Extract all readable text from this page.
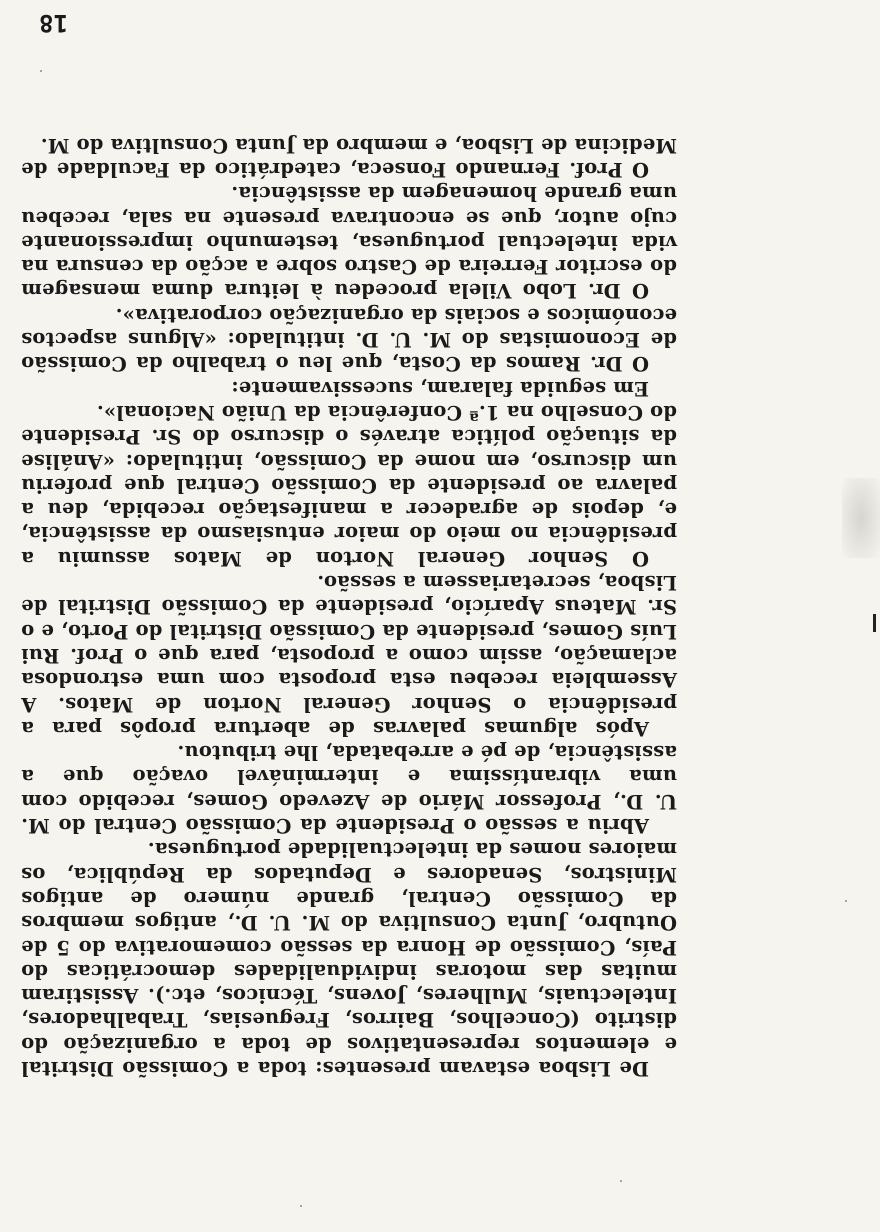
18

De Lisboa estavam presentes: toda a Comissão Distrital e elementos representativos de toda a organização do distrito (Concelhos, Bairros, Freguesias, Trabalhadores, Intelectuais, Mulheres, Jovens, Técnicos, etc.). Assistiram muitas das motoras individualidades democráticas do País, Comissão de Honra da sessão comemorativa do 5 de Outubro, Junta Consultiva do M. U. D., antigos membros da Comissão Central, grande número de antigos Ministros, Senadores e Deputados da República, os maiores nomes da intelectualidade portuguesa.

Abriu a sessão o Presidente da Comissão Central do M. U. D., Professor Mário de Azevedo Gomes, recebido com uma vibrantíssima e interminável ovação que a assistência, de pé e arrebatada, lhe tributou.

Após algumas palavras de abertura propôs para a presidência o Senhor General Norton de Matos. A Assembleia recebeu esta proposta com uma estrondosa aclamação, assim como a proposta, para que o Prof. Rui Luís Gomes, presidente da Comissão Distrital do Porto, e o Sr. Mateus Aparício, presidente da Comissão Distrital de Lisboa, secretariassem a sessão.

O Senhor General Norton de Matos assumiu a presidência no meio do maior entusiasmo da assistência, e, depois de agradecer a manifestação recebida, deu a palavra ao presidente da Comissão Central que proferiu um discurso, em nome da Comissão, intitulado: «Análise da situação política através o discurso do Sr. Presidente do Conselho na 1.ª Conferência da União Nacional».

Em seguida falaram, sucessivamente:

O Dr. Ramos da Costa, que leu o trabalho da Comissão de Economistas do M. U. D. intitulado: «Alguns aspectos económicos e sociais da organização corporativa».

O Dr. Lobo Vilela procedeu à leitura duma mensagem do escritor Ferreira de Castro sobre a acção da censura na vida intelectual portuguesa, testemunho impressionante cujo autor, que se encontrava presente na sala, recebeu uma grande homenagem da assistência.

O Prof. Fernando Fonseca, catedrático da Faculdade de Medicina de Lisboa, e membro da Junta Consultiva do M.
